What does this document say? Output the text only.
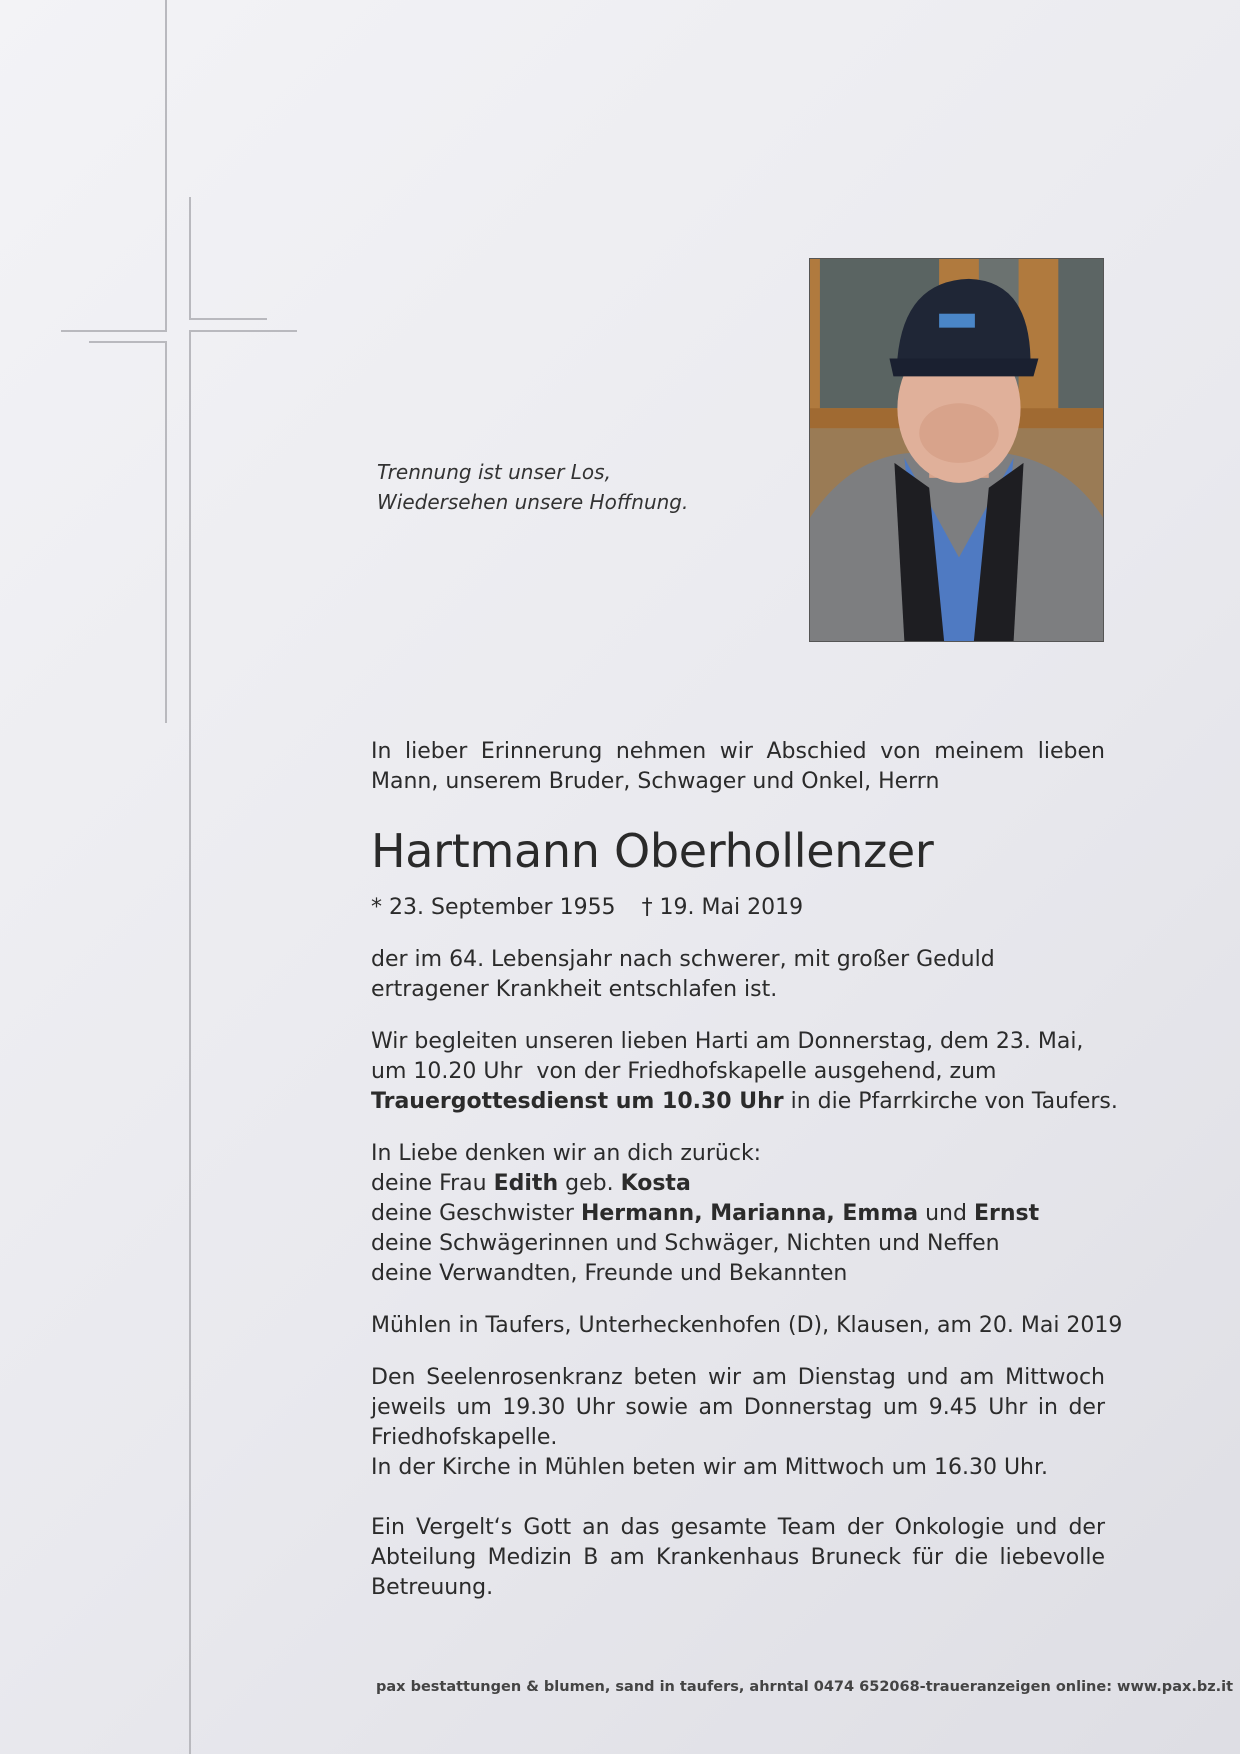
Trennung ist unser Los,
Wiedersehen unsere Hoffnung.

In lieber Erinnerung nehmen wir Abschied von meinem lieben Mann, unserem Bruder, Schwager und Onkel, Herrn

Hartmann Oberhollenzer

* 23. September 1955 † 19. Mai 2019

der im 64. Lebensjahr nach schwerer, mit großer Geduld ertragener Krankheit entschlafen ist.

Wir begleiten unseren lieben Harti am Donnerstag, dem 23. Mai,

um 10.20 Uhr  von der Friedhofskapelle ausgehend, zum

Trauergottesdienst um 10.30 Uhr in die Pfarrkirche von Taufers.

In Liebe denken wir an dich zurück:

deine Frau Edith geb. Kosta

deine Geschwister Hermann, Marianna, Emma und Ernst

deine Schwägerinnen und Schwäger, Nichten und Neffen

deine Verwandten, Freunde und Bekannten

Mühlen in Taufers, Unterheckenhofen (D), Klausen, am 20. Mai 2019

Den Seelenrosenkranz beten wir am Dienstag und am Mittwoch jeweils um 19.30 Uhr sowie am Donnerstag um 9.45 Uhr in der Friedhofskapelle.

In der Kirche in Mühlen beten wir am Mittwoch um 16.30 Uhr.

Ein Vergelt‘s Gott an das gesamte Team der Onkologie und der Abteilung Medizin B am Krankenhaus Bruneck für die liebevolle Betreuung.

pax bestattungen & blumen, sand in taufers, ahrntal 0474 652068-traueranzeigen online: www.pax.bz.it
